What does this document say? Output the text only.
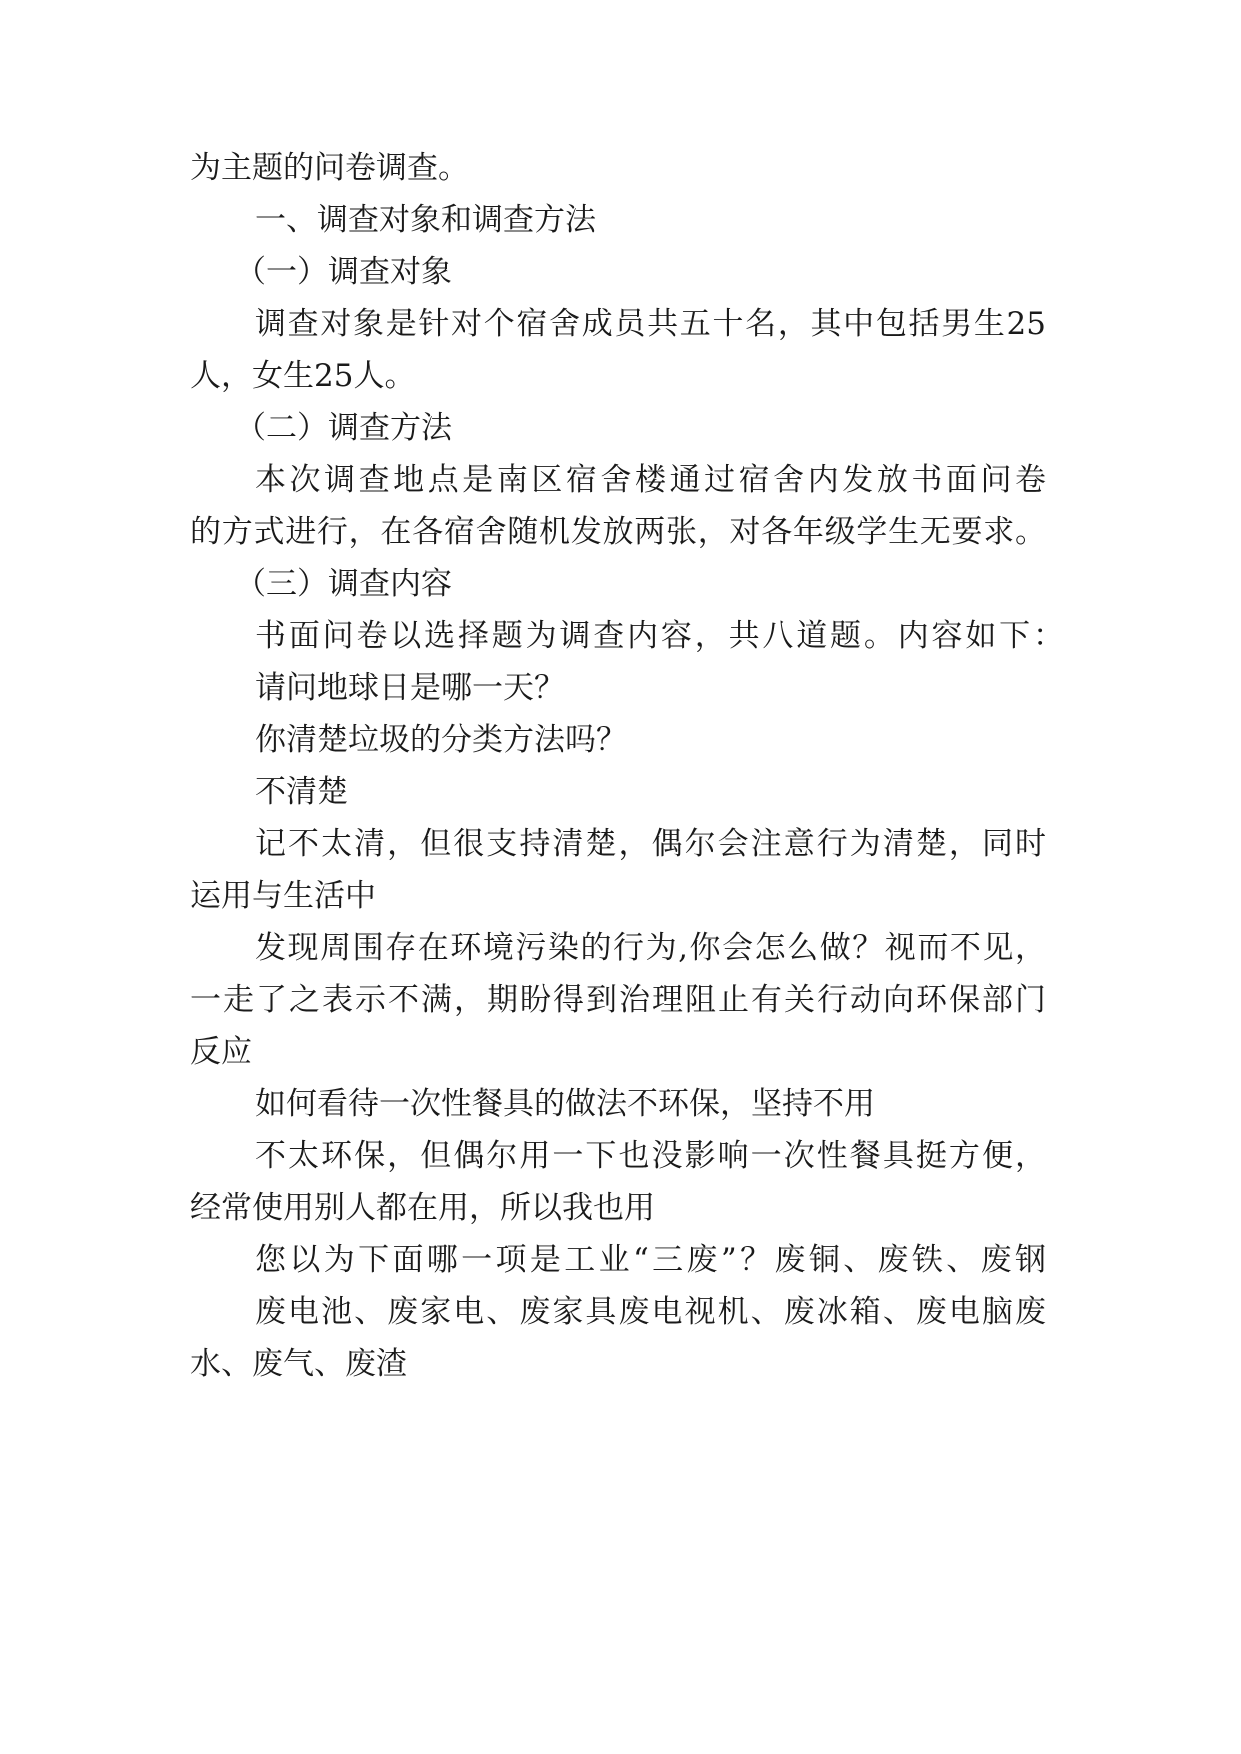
为主题的问卷调查。

一、调查对象和调查方法

（一）调查对象

调查对象是针对个宿舍成员共五十名，其中包括男生25

人，女生25人。

（二）调查方法

本次调查地点是南区宿舍楼通过宿舍内发放书面问卷

的方式进行，在各宿舍随机发放两张，对各年级学生无要求。

（三）调查内容

书面问卷以选择题为调查内容，共八道题。内容如下：

请问地球日是哪一天？

你清楚垃圾的分类方法吗？

不清楚

记不太清，但很支持清楚，偶尔会注意行为清楚，同时

运用与生活中

发现周围存在环境污染的行为,你会怎么做？视而不见，

一走了之表示不满，期盼得到治理阻止有关行动向环保部门

反应

如何看待一次性餐具的做法不环保，坚持不用

不太环保，但偶尔用一下也没影响一次性餐具挺方便，

经常使用别人都在用，所以我也用

您以为下面哪一项是工业“三废”？废铜、废铁、废钢

废电池、废家电、废家具废电视机、废冰箱、废电脑废

水、废气、废渣
